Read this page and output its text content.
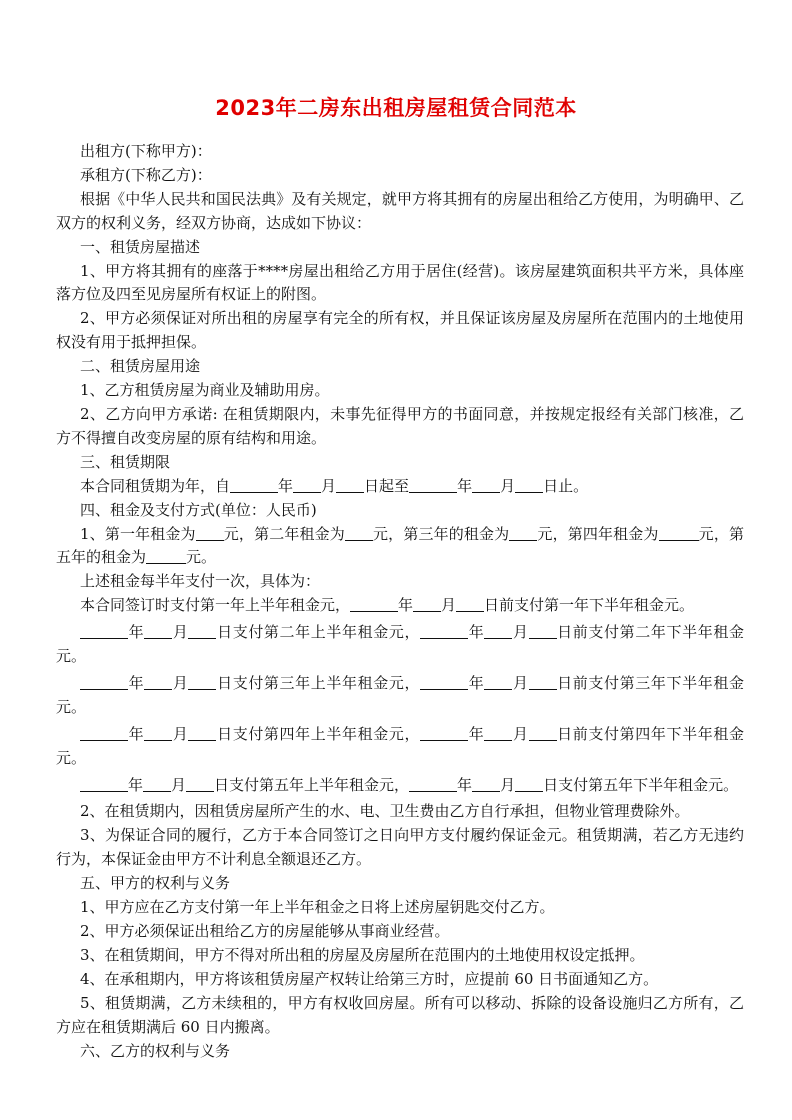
2023年二房东出租房屋租赁合同范本

出租方(下称甲方)：

承租方(下称乙方)：

根据《中华人民共和国民法典》及有关规定，就甲方将其拥有的房屋出租给乙方使用，为明确甲、乙双方的权利义务，经双方协商，达成如下协议：

一、租赁房屋描述

1、甲方将其拥有的座落于****房屋出租给乙方用于居住(经营)。该房屋建筑面积共平方米，具体座落方位及四至见房屋所有权证上的附图。

2、甲方必须保证对所出租的房屋享有完全的所有权，并且保证该房屋及房屋所在范围内的土地使用权没有用于抵押担保。

二、租赁房屋用途

1、乙方租赁房屋为商业及辅助用房。

2、乙方向甲方承诺: 在租赁期限内，未事先征得甲方的书面同意，并按规定报经有关部门核准，乙方不得擅自改变房屋的原有结构和用途。

三、租赁期限

本合同租赁期为年，自	年 月 日起至	年 月 日止。

四、租金及支付方式(单位：人民币)

1、第一年租金为 元，第二年租金为 元，第三年的租金为 元，第四年租金为	元，第五年的租金为	元。

上述租金每半年支付一次，具体为：

本合同签订时支付第一年上半年租金元，	年 月 日前支付第一年下半年租金元。

年 月 日支付第二年上半年租金元，	年 月 日前支付第二年下半年租金元。

年 月 日支付第三年上半年租金元，	年 月 日前支付第三年下半年租金元。

年 月 日支付第四年上半年租金元，	年 月 日前支付第四年下半年租金元。

年 月 日支付第五年上半年租金元，	年 月 日支付第五年下半年租金元。

2、在租赁期内，因租赁房屋所产生的水、电、卫生费由乙方自行承担，但物业管理费除外。

3、为保证合同的履行，乙方于本合同签订之日向甲方支付履约保证金元。租赁期满，若乙方无违约行为，本保证金由甲方不计利息全额退还乙方。

五、甲方的权利与义务

1、甲方应在乙方支付第一年上半年租金之日将上述房屋钥匙交付乙方。

2、甲方必须保证出租给乙方的房屋能够从事商业经营。

3、在租赁期间，甲方不得对所出租的房屋及房屋所在范围内的土地使用权设定抵押。

4、在承租期内，甲方将该租赁房屋产权转让给第三方时，应提前 60 日书面通知乙方。

5、租赁期满，乙方未续租的，甲方有权收回房屋。所有可以移动、拆除的设备设施归乙方所有，乙方应在租赁期满后 60 日内搬离。

六、乙方的权利与义务
